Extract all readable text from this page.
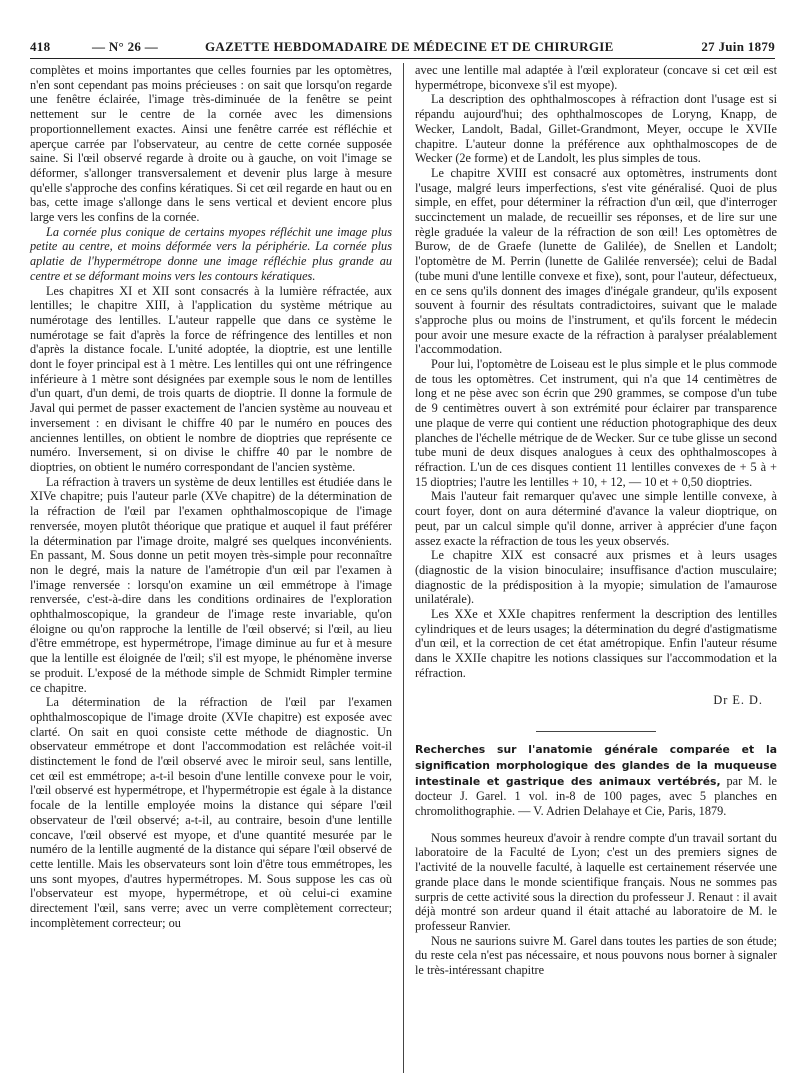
418	— N° 26 —	GAZETTE HEBDOMADAIRE DE MÉDECINE ET DE CHIRURGIE	27 Juin 1879

complètes et moins importantes que celles fournies par les optomètres, n'en sont cependant pas moins précieuses : on sait que lorsqu'on regarde une fenêtre éclairée, l'image très-diminuée de la fenêtre se peint nettement sur le centre de la cornée avec les dimensions proportionnellement exactes. Ainsi une fenêtre carrée est réfléchie et aperçue carrée par l'observateur, au centre de cette cornée supposée saine. Si l'œil observé regarde à droite ou à gauche, on voit l'image se déformer, s'allonger transversalement et devenir plus large à mesure qu'elle s'approche des confins kératiques. Si cet œil regarde en haut ou en bas, cette image s'allonge dans le sens vertical et devient encore plus large vers les confins de la cornée.

La cornée plus conique de certains myopes réfléchit une image plus petite au centre, et moins déformée vers la périphérie. La cornée plus aplatie de l'hypermétrope donne une image réfléchie plus grande au centre et se déformant moins vers les contours kératiques.

Les chapitres XI et XII sont consacrés à la lumière réfractée, aux lentilles; le chapitre XIII, à l'application du système métrique au numérotage des lentilles. L'auteur rappelle que dans ce système le numérotage se fait d'après la force de réfringence des lentilles et non d'après la distance focale. L'unité adoptée, la dioptrie, est une lentille dont le foyer principal est à 1 mètre. Les lentilles qui ont une réfringence inférieure à 1 mètre sont désignées par exemple sous le nom de lentilles d'un quart, d'un demi, de trois quarts de dioptrie. Il donne la formule de Javal qui permet de passer exactement de l'ancien système au nouveau et inversement : en divisant le chiffre 40 par le numéro en pouces des anciennes lentilles, on obtient le nombre de dioptries que représente ce numéro. Inversement, si on divise le chiffre 40 par le nombre de dioptries, on obtient le numéro correspondant de l'ancien système.

La réfraction à travers un système de deux lentilles est étudiée dans le XIVe chapitre; puis l'auteur parle (XVe chapitre) de la détermination de la réfraction de l'œil par l'examen ophthalmoscopique de l'image renversée, moyen plutôt théorique que pratique et auquel il faut préférer la détermination par l'image droite, malgré ses quelques inconvénients. En passant, M. Sous donne un petit moyen très-simple pour reconnaître non le degré, mais la nature de l'amétropie d'un œil par l'examen à l'image renversée : lorsqu'on examine un œil emmétrope à l'image renversée, c'est-à-dire dans les conditions ordinaires de l'exploration ophthalmoscopique, la grandeur de l'image reste invariable, qu'on éloigne ou qu'on rapproche la lentille de l'œil observé; si l'œil, au lieu d'être emmétrope, est hypermétrope, l'image diminue au fur et à mesure que la lentille est éloignée de l'œil; s'il est myope, le phénomène inverse se produit. L'exposé de la méthode simple de Schmidt Rimpler termine ce chapitre.

La détermination de la réfraction de l'œil par l'examen ophthalmoscopique de l'image droite (XVIe chapitre) est exposée avec clarté. On sait en quoi consiste cette méthode de diagnostic. Un observateur emmétrope et dont l'accommodation est relâchée voit-il distinctement le fond de l'œil observé avec le miroir seul, sans lentille, cet œil est emmétrope; a-t-il besoin d'une lentille convexe pour le voir, l'œil observé est hypermétrope, et l'hypermétropie est égale à la distance focale de la lentille employée moins la distance qui sépare l'œil observateur de l'œil observé; a-t-il, au contraire, besoin d'une lentille concave, l'œil observé est myope, et d'une quantité mesurée par le numéro de la lentille augmenté de la distance qui sépare l'œil observé de cette lentille. Mais les observateurs sont loin d'être tous emmétropes, les uns sont myopes, d'autres hypermétropes. M. Sous suppose les cas où l'observateur est myope, hypermétrope, et où celui-ci examine directement l'œil, sans verre; avec un verre complètement correcteur; incomplètement correcteur; ou

avec une lentille mal adaptée à l'œil explorateur (concave si cet œil est hypermétrope, biconvexe s'il est myope).

La description des ophthalmoscopes à réfraction dont l'usage est si répandu aujourd'hui; des ophthalmoscopes de Loryng, Knapp, de Wecker, Landolt, Badal, Gillet-Grandmont, Meyer, occupe le XVIIe chapitre. L'auteur donne la préférence aux ophthalmoscopes de de Wecker (2e forme) et de Landolt, les plus simples de tous.

Le chapitre XVIII est consacré aux optomètres, instruments dont l'usage, malgré leurs imperfections, s'est vite généralisé. Quoi de plus simple, en effet, pour déterminer la réfraction d'un œil, que d'interroger succinctement un malade, de recueillir ses réponses, et de lire sur une règle graduée la valeur de la réfraction de son œil! Les optomètres de Burow, de de Graefe (lunette de Galilée), de Snellen et Landolt; l'optomètre de M. Perrin (lunette de Galilée renversée); celui de Badal (tube muni d'une lentille convexe et fixe), sont, pour l'auteur, défectueux, en ce sens qu'ils donnent des images d'inégale grandeur, qu'ils exposent souvent à fournir des résultats contradictoires, suivant que le malade s'approche plus ou moins de l'instrument, et qu'ils forcent le médecin pour avoir une mesure exacte de la réfraction à paralyser préalablement l'accommodation.

Pour lui, l'optomètre de Loiseau est le plus simple et le plus commode de tous les optomètres. Cet instrument, qui n'a que 14 centimètres de long et ne pèse avec son écrin que 290 grammes, se compose d'un tube de 9 centimètres ouvert à son extrémité pour éclairer par transparence une plaque de verre qui contient une réduction photographique des deux planches de l'échelle métrique de de Wecker. Sur ce tube glisse un second tube muni de deux disques analogues à ceux des ophthalmoscopes à réfraction. L'un de ces disques contient 11 lentilles convexes de + 5 à + 15 dioptries; l'autre les lentilles + 10, + 12, — 10 et + 0,50 dioptries.

Mais l'auteur fait remarquer qu'avec une simple lentille convexe, à court foyer, dont on aura déterminé d'avance la valeur dioptrique, on peut, par un calcul simple qu'il donne, arriver à apprécier d'une façon assez exacte la réfraction de tous les yeux observés.

Le chapitre XIX est consacré aux prismes et à leurs usages (diagnostic de la vision binoculaire; insuffisance d'action musculaire; diagnostic de la prédisposition à la myopie; simulation de l'amaurose unilatérale).

Les XXe et XXIe chapitres renferment la description des lentilles cylindriques et de leurs usages; la détermination du degré d'astigmatisme d'un œil, et la correction de cet état amétropique. Enfin l'auteur résume dans le XXIIe chapitre les notions classiques sur l'accommodation et la réfraction.

Dr E. D.

Recherches sur l'anatomie générale comparée et la signification morphologique des glandes de la muqueuse intestinale et gastrique des animaux vertébrés, par M. le docteur J. Garel. 1 vol. in-8 de 100 pages, avec 5 planches en chromolithographie. — V. Adrien Delahaye et Cie, Paris, 1879.

Nous sommes heureux d'avoir à rendre compte d'un travail sortant du laboratoire de la Faculté de Lyon; c'est un des premiers signes de l'activité de la nouvelle faculté, à laquelle est certainement réservée une grande place dans le monde scientifique français. Nous ne sommes pas surpris de cette activité sous la direction du professeur J. Renaut : il avait déjà montré son ardeur quand il était attaché au laboratoire de M. le professeur Ranvier.

Nous ne saurions suivre M. Garel dans toutes les parties de son étude; du reste cela n'est pas nécessaire, et nous pouvons nous borner à signaler le très-intéressant chapitre
